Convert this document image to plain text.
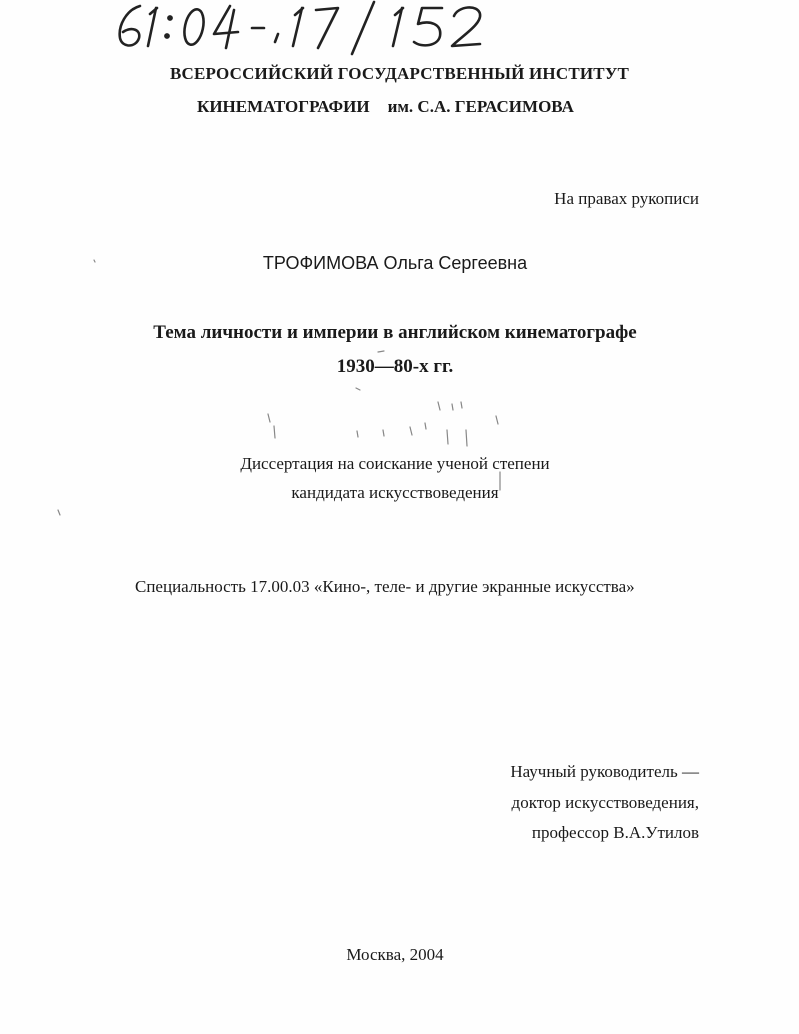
ВСЕРОССИЙСКИЙ ГОСУДАРСТВЕННЫЙ ИНСТИТУТ
КИНЕМАТОГРАФИИ им. С.А. ГЕРАСИМОВА
На правах рукописи
ТРОФИМОВА Ольга Сергеевна
Тема личности и империи в английском кинематографе
1930—80-х гг.
Диссертация на соискание ученой степени
кандидата искусствоведения
Специальность 17.00.03 «Кино-, теле- и другие экранные искусства»
Научный руководитель —
доктор искусствоведения,
профессор В.А.Утилов
Москва, 2004
